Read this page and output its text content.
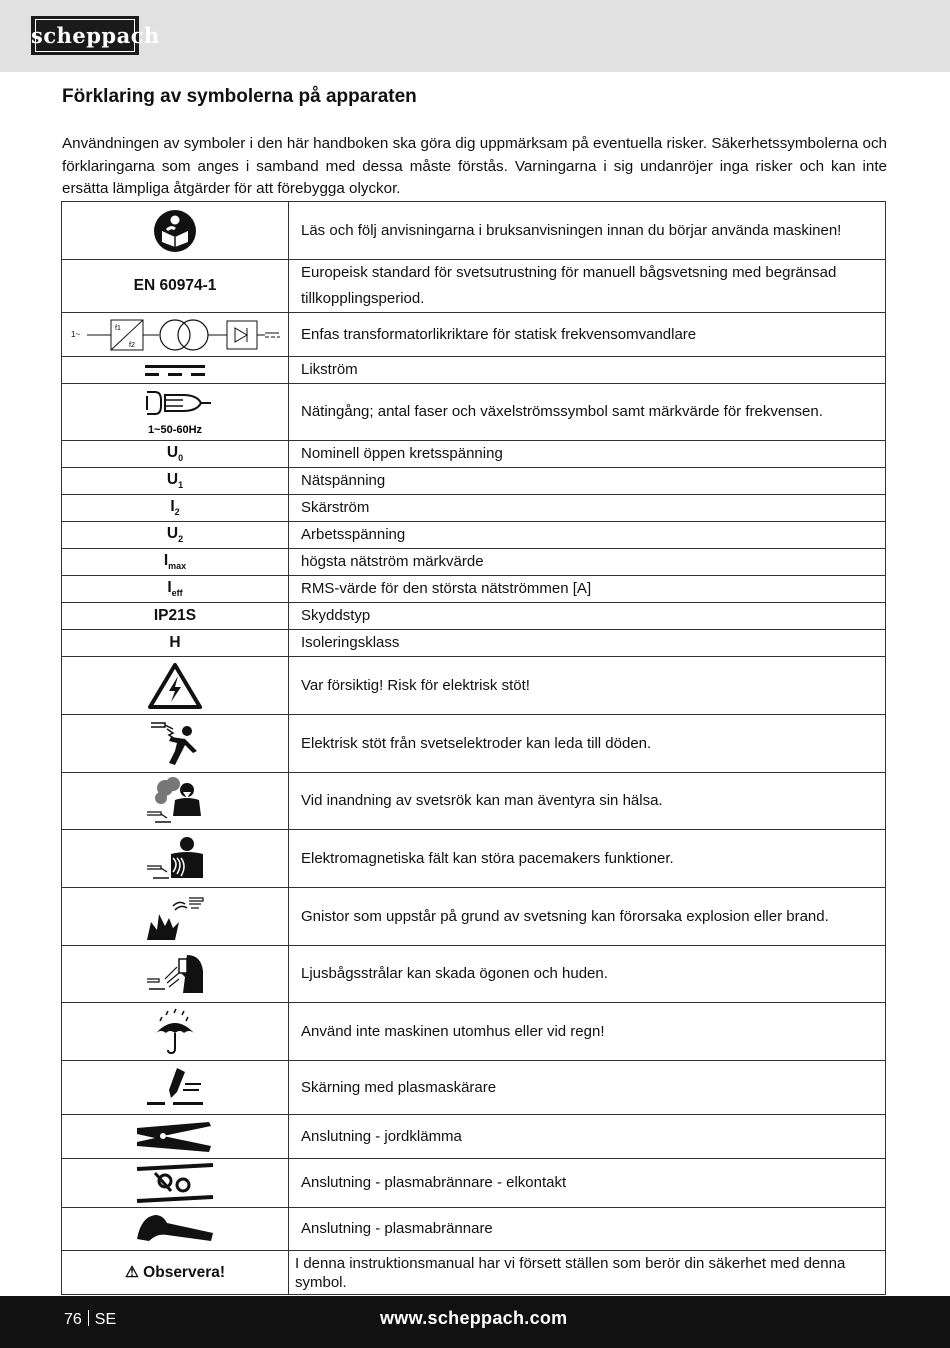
scheppach
Förklaring av symbolerna på apparaten

Användningen av symboler i den här handboken ska göra dig uppmärksam på eventuella risker. Säkerhetssymbolerna och förklaringarna som anges i samband med dessa måste förstås. Varningarna i sig undanröjer inga risker och kan inte ersätta lämpliga åtgärder för att förebygga olyckor.

	Läs och följ anvisningarna i bruksanvisningen innan du börjar använda maskinen!
EN 60974-1	Europeisk standard för svetsutrustning för manuell bågsvetsning med begränsad tillkopplingsperiod.

1~
f1
f2	Enfas transformatorlikriktare för statisk frekvensomvandlare

	Likström

1~50-60Hz	Nätingång; antal faser och växelströmssymbol samt märkvärde för frekvensen.
$U_0$	Nominell öppen kretsspänning
$U_1$	Nätspänning
$I_2$	Skärström
$U_2$	Arbetsspänning
$I_{max}$	högsta nätström märkvärde
$I_{eff}$	RMS-värde för den största nätströmmen [A]
IP21S	Skyddstyp
H	Isoleringsklass

	Var försiktig! Risk för elektrisk stöt!

	Elektrisk stöt från svetselektroder kan leda till döden.

	Vid inandning av svetsrök kan man äventyra sin hälsa.

	Elektromagnetiska fält kan störa pacemakers funktioner.

	Gnistor som uppstår på grund av svetsning kan förorsaka explosion eller brand.

	Ljusbågsstrålar kan skada ögonen och huden.

	Använd inte maskinen utomhus eller vid regn!

	Skärning med plasmaskärare

	Anslutning - jordklämma

	Anslutning - plasmabrännare - elkontakt

	Anslutning - plasmabrännare
⚠ Observera!	I denna instruktionsmanual har vi försett ställen som berör din säkerhet med denna symbol.
76 SE	www.scheppach.com
